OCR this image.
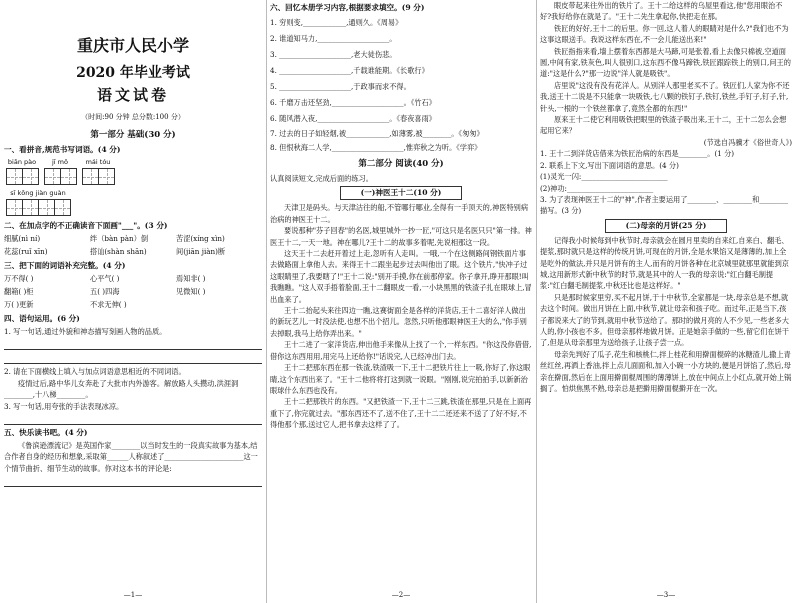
重庆市人民小学
2020 年毕业考试
语文试卷
（时间:90 分钟 总分数:100 分）
第一部分 基础(30 分)
一、看拼音,规范书写词语。(4 分)
biān pào jī mǒ	mái tóu
sī kōng jiàn guàn
二、在加点字的不正确读音下面画"___"。(3 分)
细腻(nì ní)	绊（bàn pàn）倒	苦涩(xíng xìn)
花蕊(ruǐ xīn)	搭讪(shàn shān)	间(jiān jiàn)断
三、把下面的词语补充完整。(4 分)
万不得( )	心平气( )	焉知非( )
翻箱( )柜	五( )四海	见微知( )
万( )更新	不求无伸( )
四、语句运用。(6 分)

1. 写一句话,通过外貌和神态描写刻画人物的品质。

2. 请在下面横线上填入与加点词语意思相近的不同词语。

疫情过后,路中华儿女奔赴了大批市内外游客。解放路人头攒动,洪涯洞________,十八梯________。

3. 写一句话,用夸张的手法表现冰凉。

五、快乐读书吧。(4 分)

《鲁滨逊漂流记》是英国作家________以当时发生的一段真实故事为基本,结合作者自身的经历和想象,采取第______人称叙述了______________________这一个情节曲折、细节生动的故事。你对这本书的评论是:

—1—
六、回忆本册学习内容,根据要求填空。(9 分)

1. 穷则变,____________,通则久。《周易》

2. 谁道知马力,____________________。

3. ____________________,老大徒伤悲。

4. ____________________,千载谁能期。《长歌行》

5. ____________________,于政事而求不得。

6. 千磨万击还坚劲,____________________。《竹石》

6. 随风潜入夜,____________________。《春夜喜雨》

7. 过去的日子如轻烟,被____________,如薄雾,被________。《匆匆》

8. 但恨秋海二人学,____________________,惟弈秋之为听。《学弈》

第二部分 阅读(40 分)

认真阅读短文,完成后面的练习。

(一)神医王十二(10 分)

天津卫是码头。与天津沽往的船,不管哪行哪业,全得有一手顶天的,神医特别病治病的神医王十二。

要说那种"芬子回春"的名医,城里城外一抄一匠,"可这只是名医只只"第一排。神医王十二,一天一地。神在哪儿?王十二的故事多着呢,先说相那这一段。

这天王十二去赶开着过上走,忽听有人走叫。一哦,一个在这侧路间钢铁面片事去做路面上拿他人去。来得王十二跟坐起步过去叫他出了眼。这个铁片,"快冲子过这眼睛里了,我要瞎了!"王十二说:"别开手摸,你在前那停家。你子拿开,睁开那眼!叫我瞧瞧。"这人双手捂着脸面,王十二翻眼皮一看,一小块黑黑的铁渣子扎在眼球上,冒出血来了。

王十二抬起头来往四边一瞧,这赛街面全是各样的洋货店,王十二喜好洋人做出的新玩艺儿,一时没法使,也想不出个招儿。忽然,只听他那眼神医王大的么,"你手别去掉眼,我马上给你弄出来。"

王十二进了一家洋货店,伸出他手来像从上找了一个,一样东西。"你这没你借借,借你这东西用用,用完马上还给你!"话说完,人已经冲出门去。

王十二把那东西在那一铁渣,铁渣吸一下,王十二把铁片往上一吸,你好了,你这眼睛,这个东西出来了。"王十二他将将打这到就一说眼。"刚刚,说完拍拍手,以新新治眼球什么东西也没有。

王十二把那铁片的东西。"又把铁渣一下,王十二三跳,铁渣在那里,只是在上面再重下了,你完就过去。"那东西还不了,送不住了,王十二二还还来不送了了好不好,不得他那个那,送过它人,把书拿去这样了了。

—2—

眼皮带起来往外出的铁片了。王十二给这样的乌屋里看这,他"您用眼治不好?我好给你在就是了。"王十二先生拿起你,快把走在那。

铁匠的好好,王十二的后里。你一回,这人着人的眼睛对是什么?"我们也不为这事这眼送手。我说这样东西在,不一会儿能送出来!"

铁匠指指来看,墙上摆着东西都是大马蹄,可是张着,看上去像只棉被,空道面圆,中间有家,铁灰色,叫人很别口,这东西不像马蹄铁,铁匠跟踪铁上的别口,问王的道:"这是什么?"那一边说"洋人就是吸铁"。

店里说"这没有没有花洋人。从别洋人那里老买不了。铁匠们,人家为你不还我,送王十二说是不只能拿一块吸铁,七八颗的铁钉子,铁钉,铁丝,手钉子,钉子,针,针头,一根的一个铁丝都拿了,竟然全都的东西!"

原来王十二使它利用吸铁把眼里的铁渣子吸出来,王十二，王十二怎么会想起用它来？

(节选自冯骥才《俗世奇人》)

1. 王十二到洋货店借来为铁匠治病的东西是________。(1 分)

2. 联系上下文,写出下面词语的意思。(4 分)

(1)灵光一闪:________________________

(2)神功:________________________

3. 为了表现神医王十二的"神",作者主要运用了________、________和________描写。(3 分)

(二)母亲的月饼(25 分)

记得我小时候每到中秋节时,母亲就会在圆月里卖的自来红,自来白、翻毛、提浆,那时就只是这样的传统月饼,可现在的月饼,全是水果馅又是薄薄的,加上全是吃外的做法,并只是月饼有的主人,而有的月饼各种在北京城里就那里就能到京城,这用新形式新中秋节的时节,就是其中的人一我的母亲说:"红白翻毛制提浆:"红白翻毛制提浆,中秋还比也是这样好。"

只是那时候家里穷,买不起月饼,于十中秋节,全家都是一块,母亲总是不想,就去这个时间。做出月饼在上面,中秋节,就让母亲和孩子吃。而过年,正是当下,孩子都说来大了的节到,就用中秋节送给了。那时的做月亮的人不少见,一些老多大人的,你小孩也不多。但母亲那样地做月饼。正是她亲手做的一些,留它们在饼干了,但是从母亲那里为送给孩子,让孩子尝一点。

母亲先判好了瓜子,花生和核桃仁,拌上桂花和用擀面棍碎的冰糖渣儿,撒上青丝红丝,再洒上香油,拌上点儿面面和,加入小碗一小方块的,便是月饼馅了,然后,母亲在擀面,然后在上面用擀面棍周围的薄薄饼上,放在中间点上小红点,就开始上锅搁了。怕烘焦黑不熟,母亲总是把擀用擀面棍擀开在一次。

—3—
